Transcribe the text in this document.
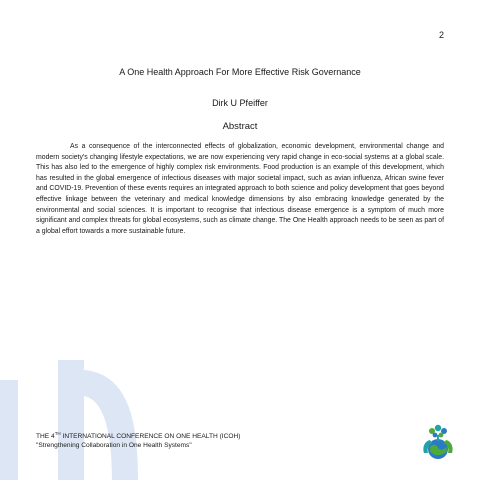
2
A One Health Approach For More Effective Risk Governance

Dirk U Pfeiffer

Abstract

As a consequence of the interconnected effects of globalization, economic development, environmental change and modern society's changing lifestyle expectations, we are now experiencing very rapid change in eco-social systems at a global scale. This has also led to the emergence of highly complex risk environments. Food production is an example of this development, which has resulted in the global emergence of infectious diseases with major societal impact, such as avian influenza, African swine fever and COVID-19. Prevention of these events requires an integrated approach to both science and policy development that goes beyond effective linkage between the veterinary and medical knowledge dimensions by also embracing knowledge generated by the environmental and social sciences. It is important to recognise that infectious disease emergence is a symptom of much more significant and complex threats for global ecosystems, such as climate change. The One Health approach needs to be seen as part of a global effort towards a more sustainable future.

THE 4TH INTERNATIONAL CONFERENCE ON ONE HEALTH (ICOH)
"Strengthening Collaboration in One Health Systems"
